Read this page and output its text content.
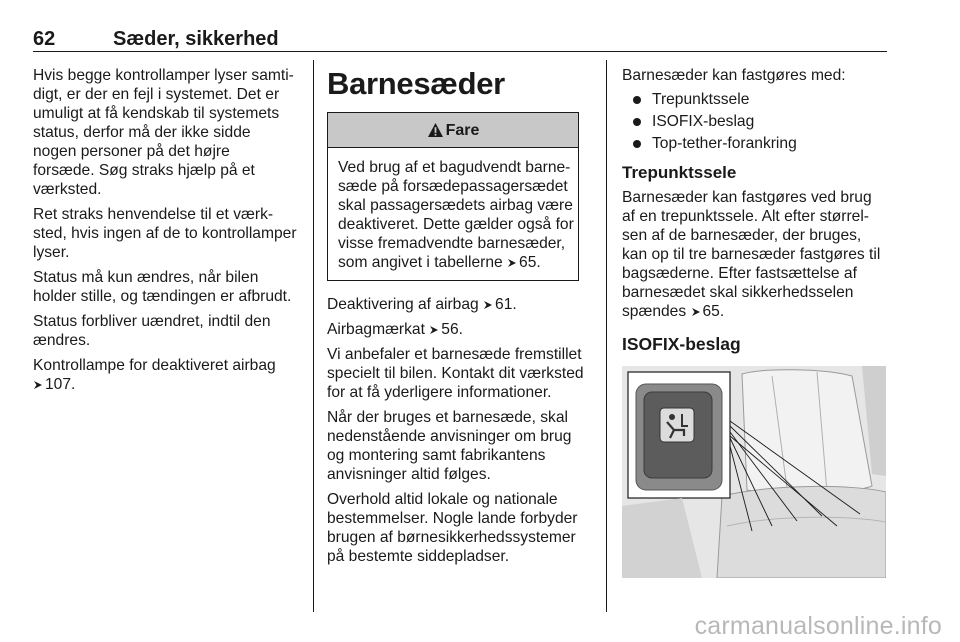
62	Sæder, sikkerhed

Hvis begge kontrollamper lyser samti-
digt, er der en fejl i systemet. Det er
umuligt at få kendskab til systemets
status, derfor må der ikke sidde
nogen personer på det højre
forsæde. Søg straks hjælp på et
værksted.

Ret straks henvendelse til et værk-
sted, hvis ingen af de to kontrollamper
lyser.

Status må kun ændres, når bilen
holder stille, og tændingen er afbrudt.

Status forbliver uændret, indtil den
ændres.

Kontrollampe for deaktiveret airbag
107.

Barnesæder
Fare
Ved brug af et bagudvendt barne-
sæde på forsædepassagersædet
skal passagersædets airbag være
deaktiveret. Dette gælder også for
visse fremadvendte barnesæder,
som angivet i tabellerne 65.

Deaktivering af airbag 61.

Airbagmærkat 56.

Vi anbefaler et barnesæde fremstillet
specielt til bilen. Kontakt dit værksted
for at få yderligere informationer.

Når der bruges et barnesæde, skal
nedenstående anvisninger om brug
og montering samt fabrikantens
anvisninger altid følges.

Overhold altid lokale og nationale
bestemmelser. Nogle lande forbyder
brugen af børnesikkerhedssystemer
på bestemte siddepladser.

Barnesæder kan fastgøres med:

Trepunktssele
ISOFIX-beslag
Top-tether-forankring
Trepunktssele

Barnesæder kan fastgøres ved brug
af en trepunktssele. Alt efter størrel-
sen af de barnesæder, der bruges,
kan op til tre barnesæder fastgøres til
bagsæderne. Efter fastsættelse af
barnesædet skal sikkerhedsselen
spændes 65.

ISOFIX-beslag
carmanualsonline.info
